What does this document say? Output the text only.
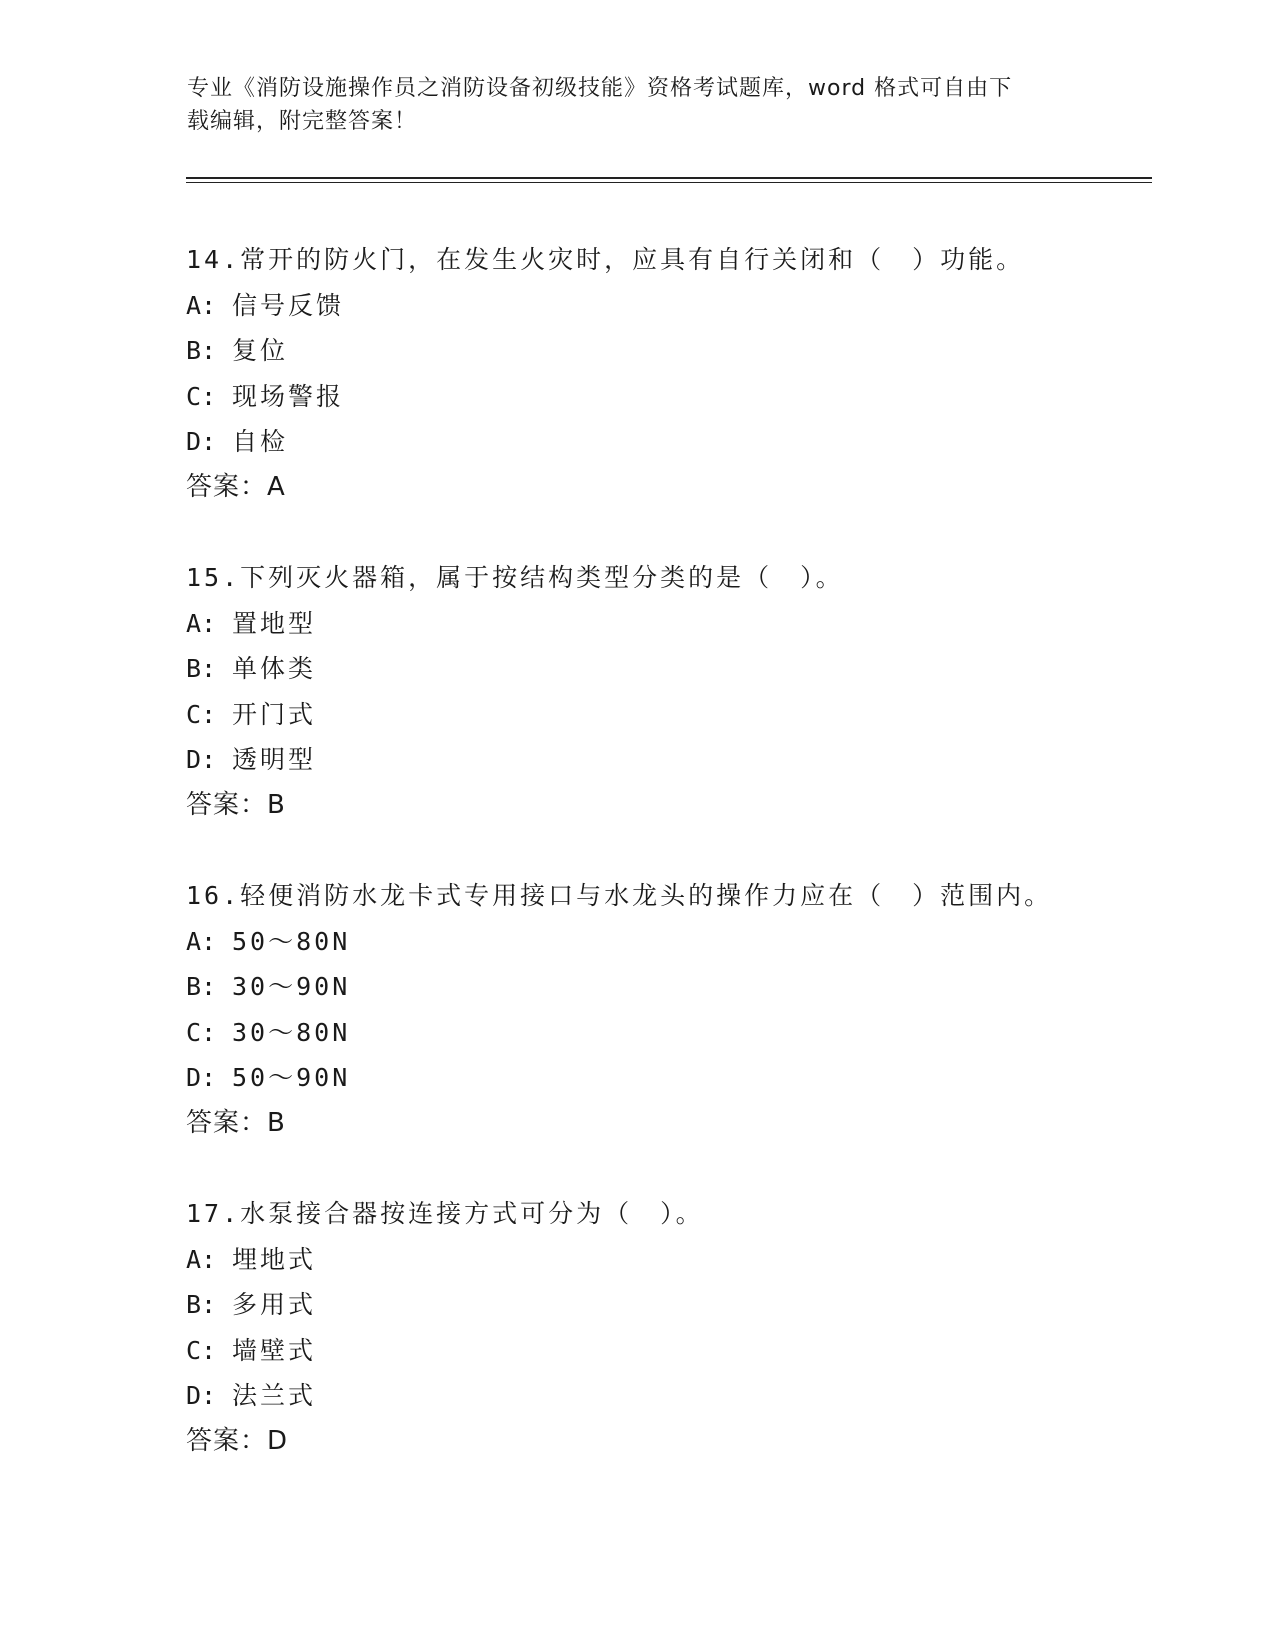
专业《消防设施操作员之消防设备初级技能》资格考试题库，word 格式可自由下
载编辑，附完整答案！
14.常开的防火门，在发生火灾时，应具有自行关闭和（　）功能。
A: 信号反馈
B: 复位
C: 现场警报
D: 自检
答案：A
15.下列灭火器箱，属于按结构类型分类的是（　）。
A: 置地型
B: 单体类
C: 开门式
D: 透明型
答案：B
16.轻便消防水龙卡式专用接口与水龙头的操作力应在（　）范围内。
A: 50～80N
B: 30～90N
C: 30～80N
D: 50～90N
答案：B
17.水泵接合器按连接方式可分为（　）。
A: 埋地式
B: 多用式
C: 墙壁式
D: 法兰式
答案：D
